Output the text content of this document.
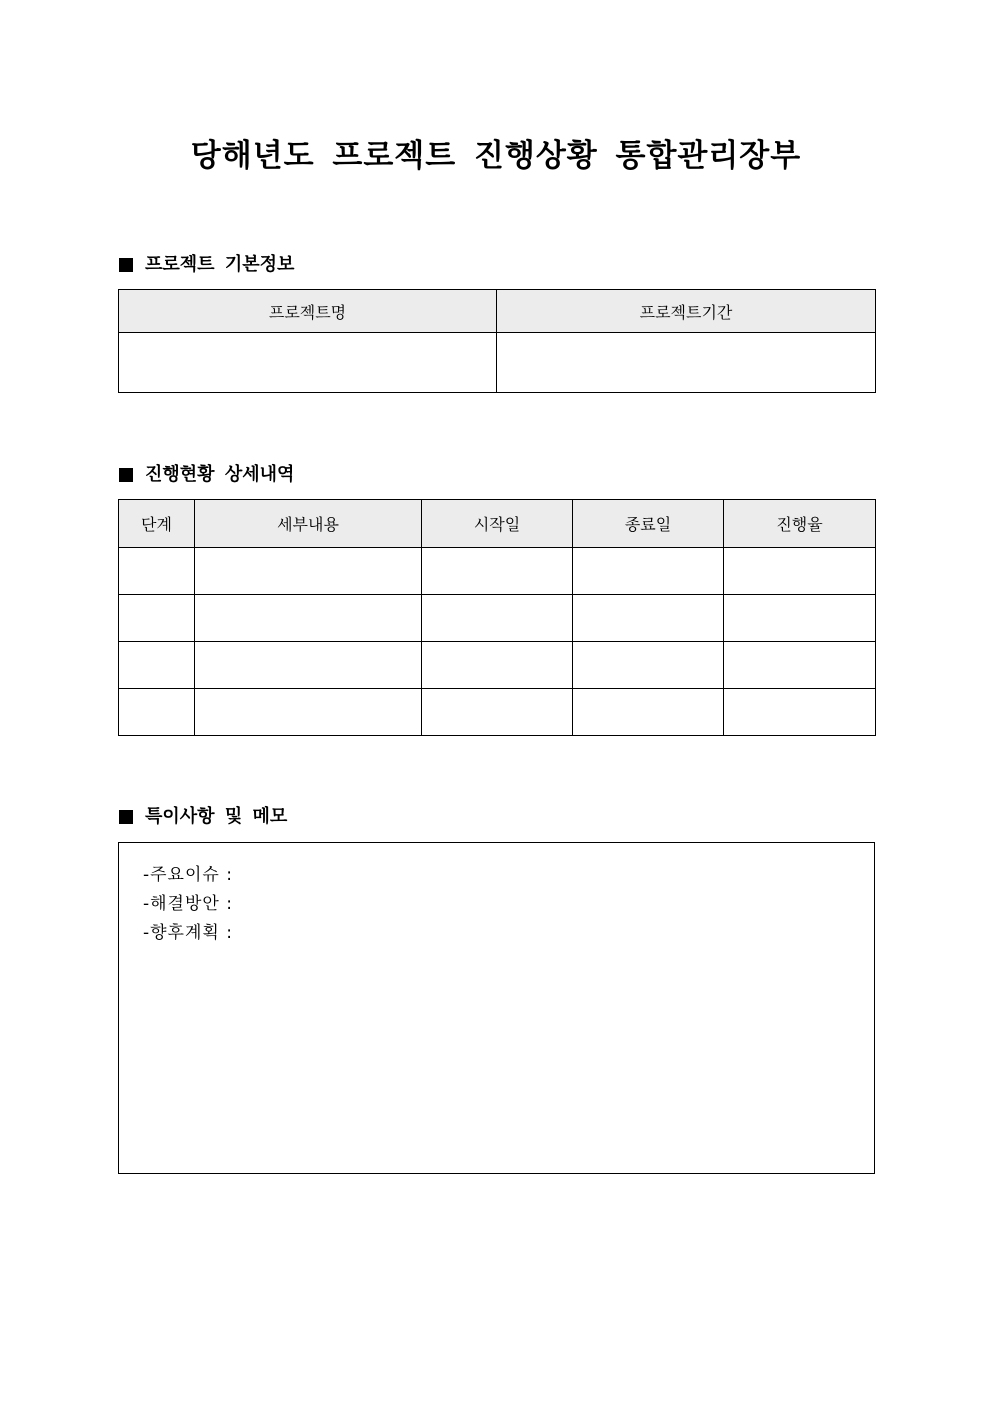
당해년도 프로젝트 진행상황 통합관리장부
프로젝트 기본정보
프로젝트명	프로젝트기간

진행현황 상세내역
단계	세부내용	시작일	종료일	진행율

특이사항 및 메모
-주요이슈 :
-해결방안 :
-향후계획 :
